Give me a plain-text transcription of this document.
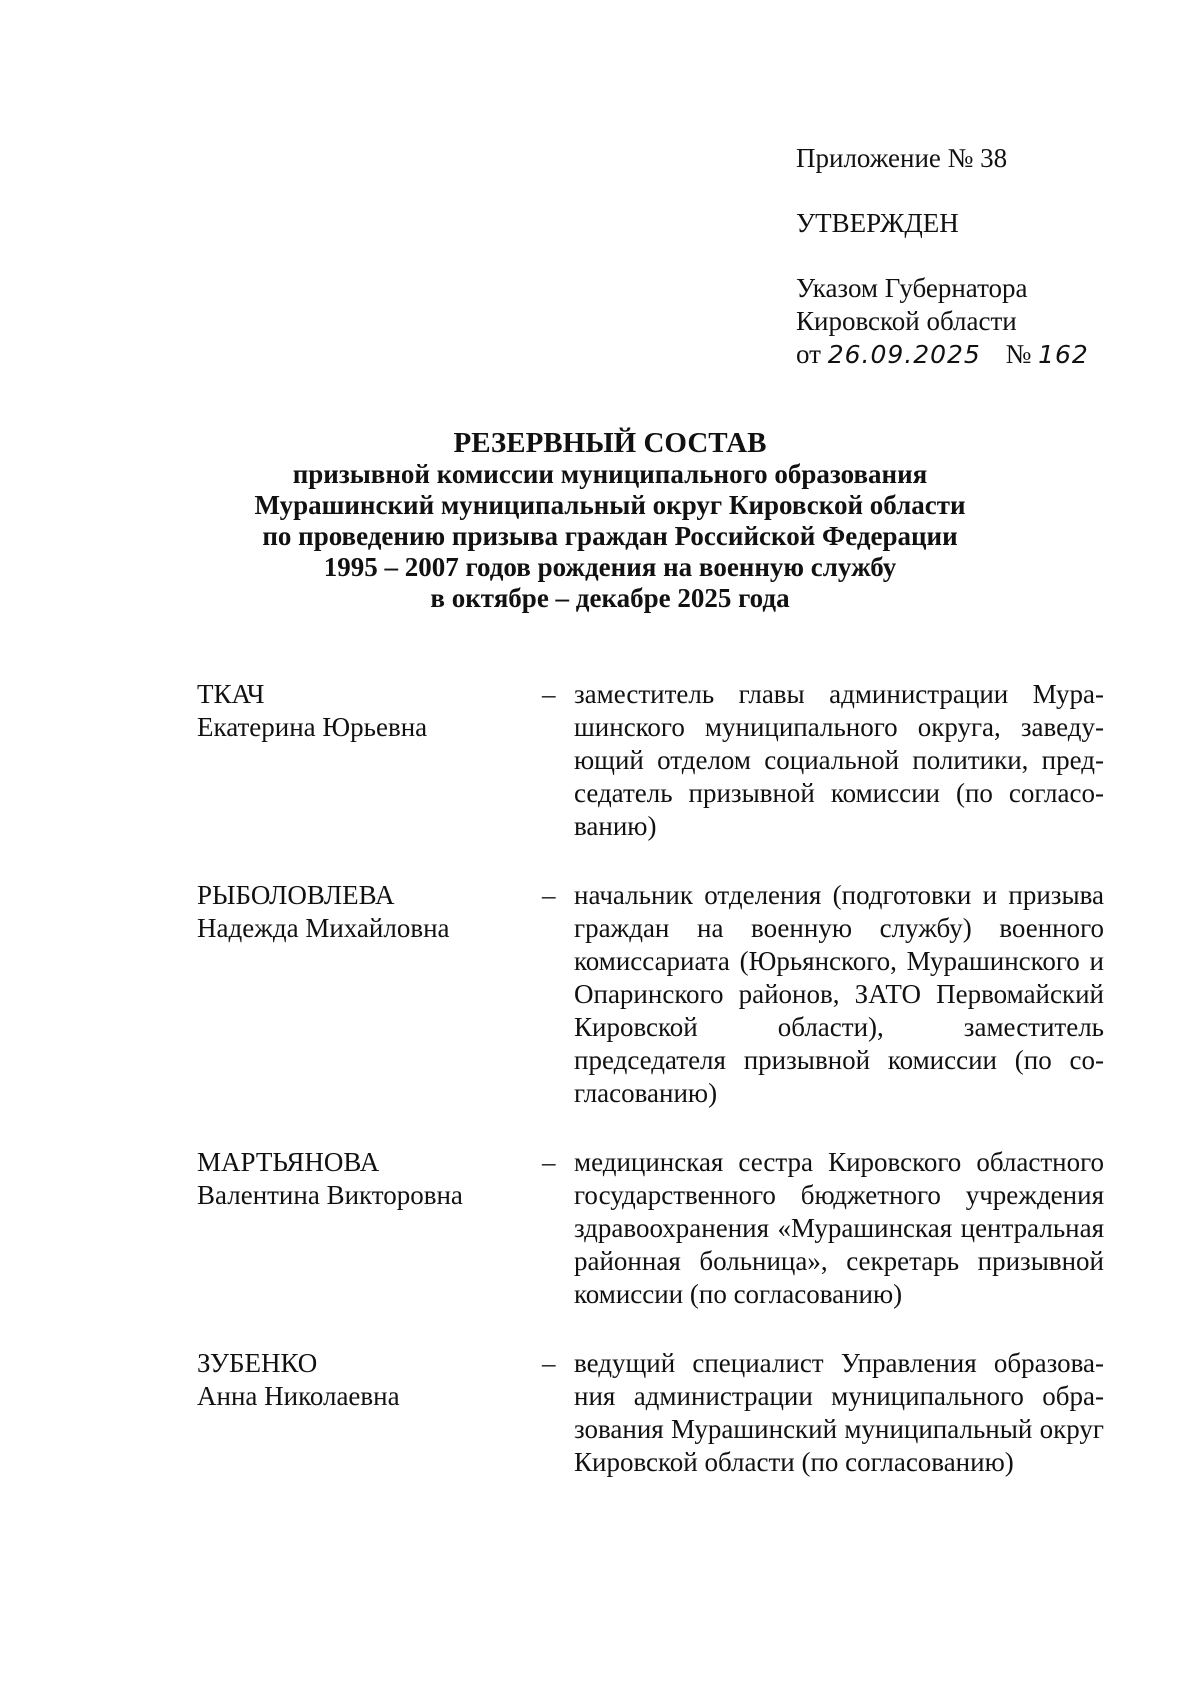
Приложение № 38

УТВЕРЖДЕН

Указом Губернатора
Кировской области
от 26.09.2025 № 162

РЕЗЕРВНЫЙ СОСТАВ

призывной комиссии муниципального образования
Мурашинский муниципальный округ Кировской области
по проведению призыва граждан Российской Федерации
1995 – 2007 годов рождения на военную службу
в октябре – декабре 2025 года
ТКАЧ
Екатерина Юрьевна
– заместитель главы администрации Мурашинского муниципального округа, заведующий отделом социальной политики, председатель призывной комиссии (по согласованию)
РЫБОЛОВЛЕВА
Надежда Михайловна
– начальник отделения (подготовки и призыва граждан на военную службу) военного комиссариата (Юрьянского, Мурашинского и Опаринского районов, ЗАТО Первомайский Кировской области), заместитель председателя призывной комиссии (по согласованию)
МАРТЬЯНОВА
Валентина Викторовна
– медицинская сестра Кировского областного государственного бюджетного учреждения здравоохранения «Мурашинская центральная районная больница», секретарь призывной комиссии (по согласованию)
ЗУБЕНКО
Анна Николаевна
– ведущий специалист Управления образования администрации муниципального образования Мурашинский муниципальный округ Кировской области (по согласованию)
